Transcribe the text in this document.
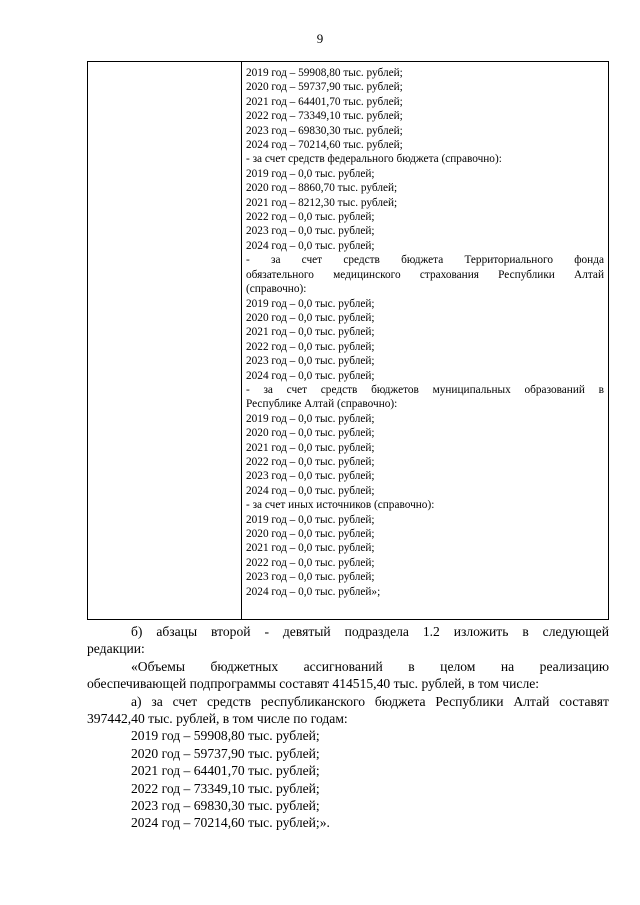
9
2019 год – 59908,80 тыс. рублей;
2020 год – 59737,90 тыс. рублей;
2021 год – 64401,70 тыс. рублей;
2022 год – 73349,10 тыс. рублей;
2023 год – 69830,30 тыс. рублей;
2024 год – 70214,60 тыс. рублей;
- за счет средств федерального бюджета (справочно):
2019 год – 0,0 тыс. рублей;
2020 год – 8860,70 тыс. рублей;
2021 год – 8212,30 тыс. рублей;
2022 год – 0,0 тыс. рублей;
2023 год – 0,0 тыс. рублей;
2024 год – 0,0 тыс. рублей;
- за счет средств бюджета Территориального фонда
обязательного медицинского страхования Республики Алтай
(справочно):
2019 год – 0,0 тыс. рублей;
2020 год – 0,0 тыс. рублей;
2021 год – 0,0 тыс. рублей;
2022 год – 0,0 тыс. рублей;
2023 год – 0,0 тыс. рублей;
2024 год – 0,0 тыс. рублей;
- за счет средств бюджетов муниципальных образований в
Республике Алтай (справочно):
2019 год – 0,0 тыс. рублей;
2020 год – 0,0 тыс. рублей;
2021 год – 0,0 тыс. рублей;
2022 год – 0,0 тыс. рублей;
2023 год – 0,0 тыс. рублей;
2024 год – 0,0 тыс. рублей;
- за счет иных источников (справочно):
2019 год – 0,0 тыс. рублей;
2020 год – 0,0 тыс. рублей;
2021 год – 0,0 тыс. рублей;
2022 год – 0,0 тыс. рублей;
2023 год – 0,0 тыс. рублей;
2024 год – 0,0 тыс. рублей»;
б) абзацы второй - девятый подраздела 1.2 изложить в следующей
редакции:
«Объемы бюджетных ассигнований в целом на реализацию
обеспечивающей подпрограммы составят 414515,40 тыс. рублей, в том числе:
а) за счет средств республиканского бюджета Республики Алтай составят
397442,40 тыс. рублей, в том числе по годам:
2019 год – 59908,80 тыс. рублей;
2020 год – 59737,90 тыс. рублей;
2021 год – 64401,70 тыс. рублей;
2022 год – 73349,10 тыс. рублей;
2023 год – 69830,30 тыс. рублей;
2024 год – 70214,60 тыс. рублей;».
